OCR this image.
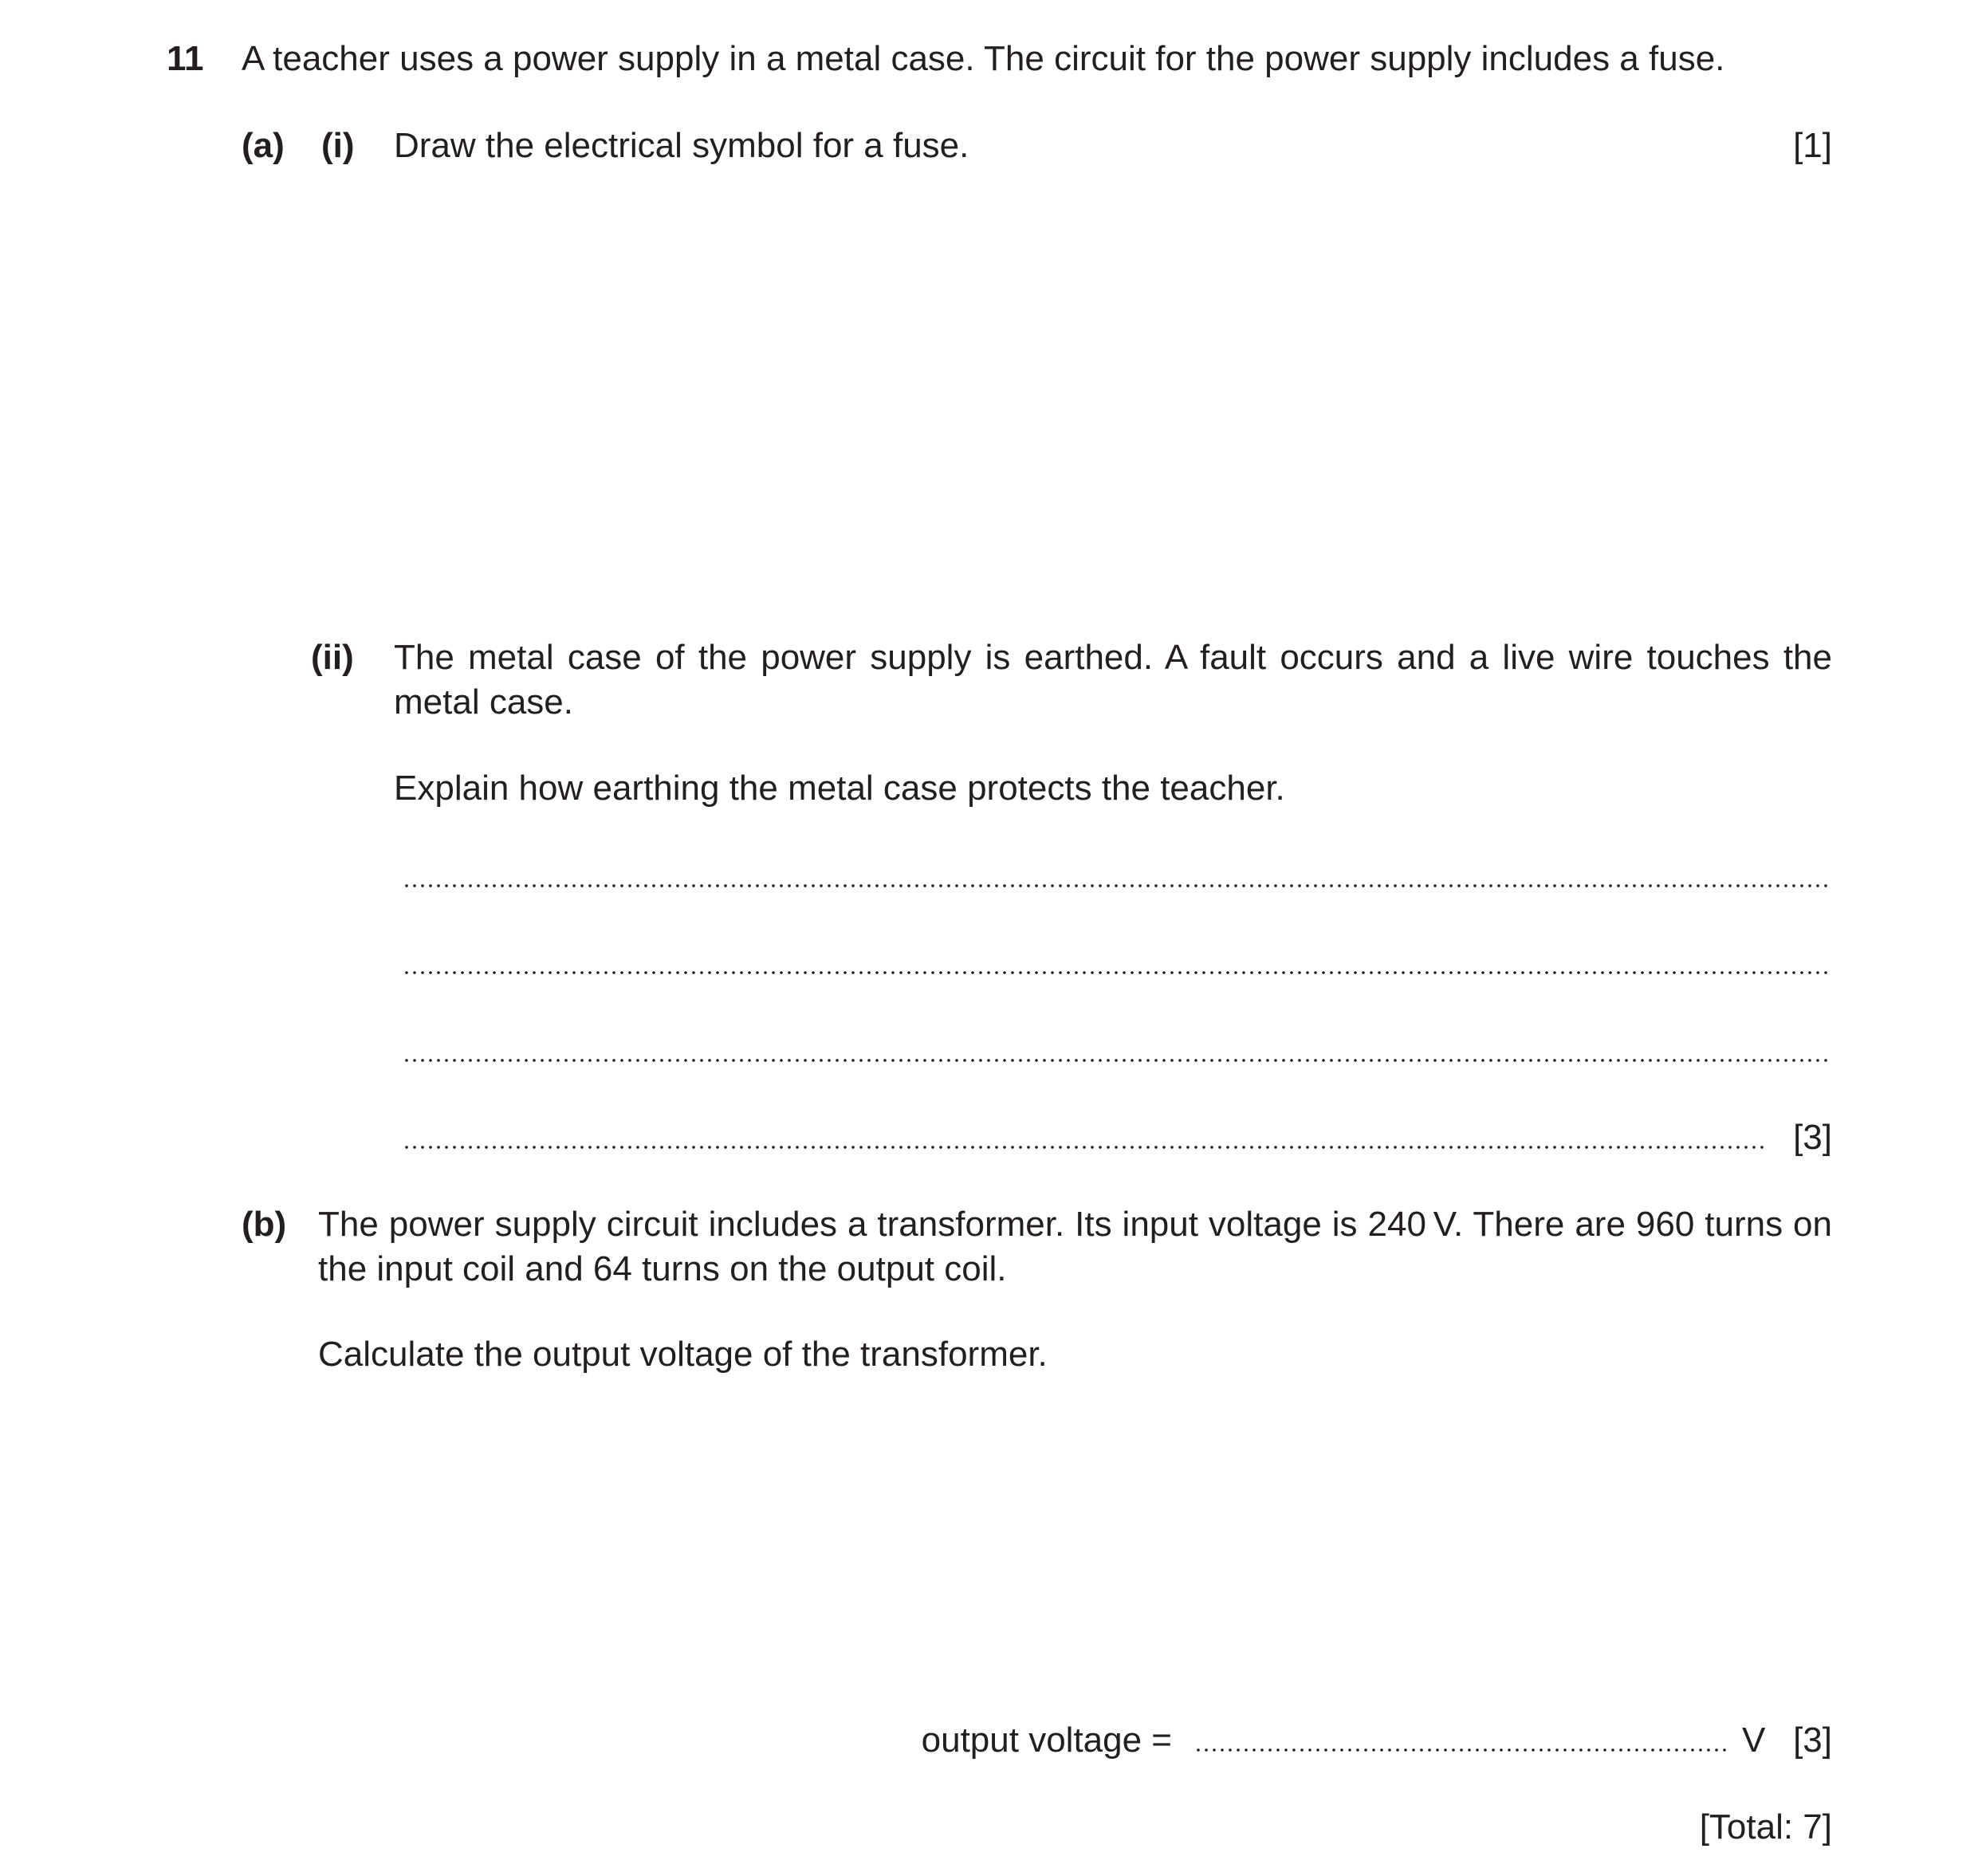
11 A teacher uses a power supply in a metal case. The circuit for the power supply includes a fuse.
(a) (i) Draw the electrical symbol for a fuse.	[1]
(ii) The metal case of the power supply is earthed. A fault occurs and a live wire touches the metal case.
Explain how earthing the metal case protects the teacher.
[3]
(b) The power supply circuit includes a transformer. Its input voltage is 240 V. There are 960 turns on the input coil and 64 turns on the output coil.
Calculate the output voltage of the transformer.
output voltage =	V [3]
[Total: 7]
